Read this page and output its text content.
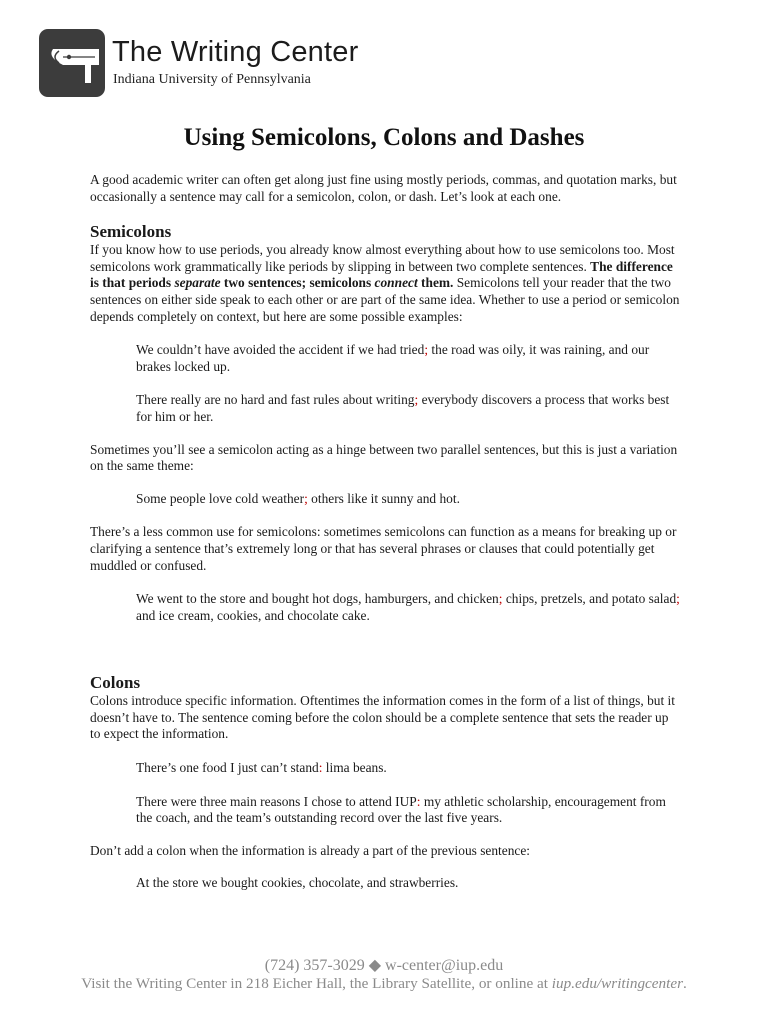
The Writing Center
Indiana University of Pennsylvania
Using Semicolons, Colons and Dashes

A good academic writer can often get along just fine using mostly periods, commas, and quotation marks, but occasionally a sentence may call for a semicolon, colon, or dash. Let’s look at each one.

Semicolons

If you know how to use periods, you already know almost everything about how to use semicolons too. Most semicolons work grammatically like periods by slipping in between two complete sentences. The difference is that periods separate two sentences; semicolons connect them. Semicolons tell your reader that the two sentences on either side speak to each other or are part of the same idea. Whether to use a period or semicolon depends completely on context, but here are some possible examples:

We couldn’t have avoided the accident if we had tried; the road was oily, it was raining, and our brakes locked up.

There really are no hard and fast rules about writing; everybody discovers a process that works best for him or her.

Sometimes you’ll see a semicolon acting as a hinge between two parallel sentences, but this is just a variation on the same theme:

Some people love cold weather; others like it sunny and hot.

There’s a less common use for semicolons: sometimes semicolons can function as a means for breaking up or clarifying a sentence that’s extremely long or that has several phrases or clauses that could potentially get muddled or confused.

We went to the store and bought hot dogs, hamburgers, and chicken; chips, pretzels, and potato salad; and ice cream, cookies, and chocolate cake.

Colons

Colons introduce specific information. Oftentimes the information comes in the form of a list of things, but it doesn’t have to. The sentence coming before the colon should be a complete sentence that sets the reader up to expect the information.

There’s one food I just can’t stand: lima beans.

There were three main reasons I chose to attend IUP: my athletic scholarship, encouragement from the coach, and the team’s outstanding record over the last five years.

Don’t add a colon when the information is already a part of the previous sentence:

At the store we bought cookies, chocolate, and strawberries.

(724) 357-3029 ◆ w-center@iup.edu
Visit the Writing Center in 218 Eicher Hall, the Library Satellite, or online at iup.edu/writingcenter.
